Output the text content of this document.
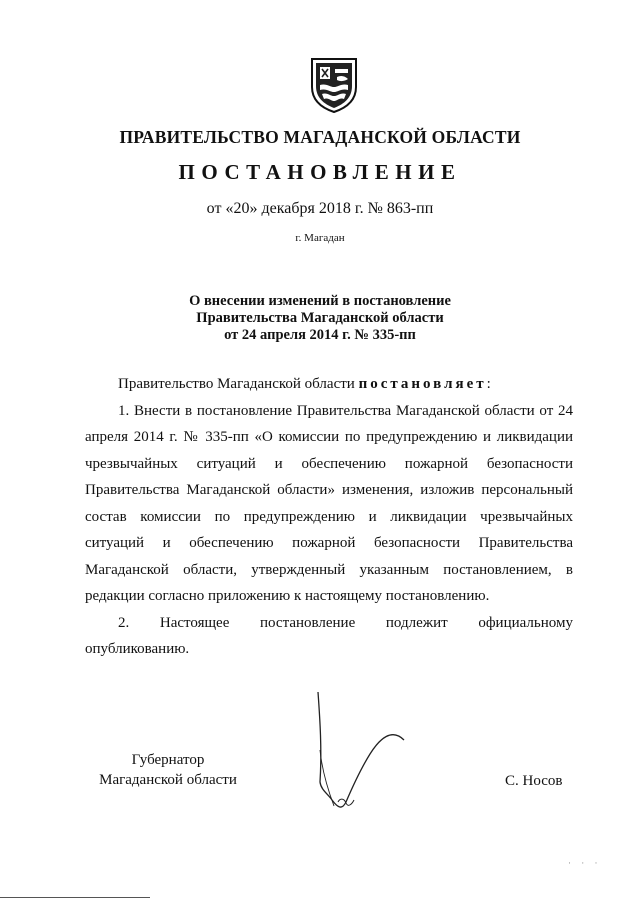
ПРАВИТЕЛЬСТВО МАГАДАНСКОЙ ОБЛАСТИ
ПОСТАНОВЛЕНИЕ
от «20» декабря 2018 г. № 863-пп
г. Магадан
О внесении изменений в постановление
Правительства Магаданской области
от 24 апреля 2014 г. № 335-пп

Правительство Магаданской области постановляет:

1. Внести в постановление Правительства Магаданской области от 24 апреля 2014 г. № 335-пп «О комиссии по предупреждению и ликвидации чрезвычайных ситуаций и обеспечению пожарной безопасности Правительства Магаданской области» изменения, изложив персональный состав комиссии по предупреждению и ликвидации чрезвычайных ситуаций и обеспечению пожарной безопасности Правительства Магаданской области, утвержденный указанным постановлением, в редакции согласно приложению к настоящему постановлению.

2. Настоящее постановление подлежит официальному опубликованию.

Губернатор
Магаданской области	С. Носов
· · ·
